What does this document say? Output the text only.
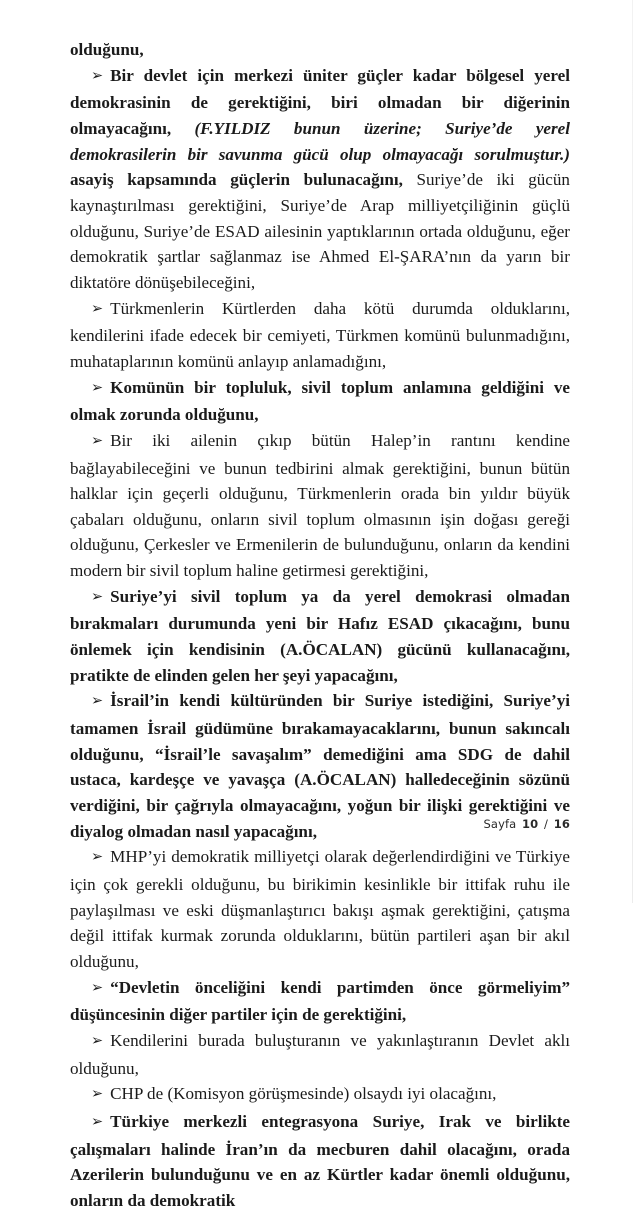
olduğunu,

➢ Bir devlet için merkezi üniter güçler kadar bölgesel yerel demokrasinin de gerektiğini, biri olmadan bir diğerinin olmayacağını, (F.YILDIZ bunun üzerine; Suriye’de yerel demokrasilerin bir savunma gücü olup olmayacağı sorulmuştur.) asayiş kapsamında güçlerin bulunacağını, Suriye’de iki gücün kaynaştırılması gerektiğini, Suriye’de Arap milliyetçiliğinin güçlü olduğunu, Suriye’de ESAD ailesinin yaptıklarının ortada olduğunu, eğer demokratik şartlar sağlanmaz ise Ahmed El-ŞARA’nın da yarın bir diktatöre dönüşebileceğini,

➢ Türkmenlerin Kürtlerden daha kötü durumda olduklarını, kendilerini ifade edecek bir cemiyeti, Türkmen komünü bulunmadığını, muhataplarının komünü anlayıp anlamadığını,

➢ Komünün bir topluluk, sivil toplum anlamına geldiğini ve olmak zorunda olduğunu,

➢ Bir iki ailenin çıkıp bütün Halep’in rantını kendine bağlayabileceğini ve bunun tedbirini almak gerektiğini, bunun bütün halklar için geçerli olduğunu, Türkmenlerin orada bin yıldır büyük çabaları olduğunu, onların sivil toplum olmasının işin doğası gereği olduğunu, Çerkesler ve Ermenilerin de bulunduğunu, onların da kendini modern bir sivil toplum haline getirmesi gerektiğini,

➢ Suriye’yi sivil toplum ya da yerel demokrasi olmadan bırakmaları durumunda yeni bir Hafız ESAD çıkacağını, bunu önlemek için kendisinin (A.ÖCALAN) gücünü kullanacağını, pratikte de elinden gelen her şeyi yapacağını,

➢ İsrail’in kendi kültüründen bir Suriye istediğini, Suriye’yi tamamen İsrail güdümüne bırakamayacaklarını, bunun sakıncalı olduğunu, “İsrail’le savaşalım” demediğini ama SDG de dahil ustaca, kardeşçe ve yavaşça (A.ÖCALAN) halledeceğinin sözünü verdiğini, bir çağrıyla olmayacağını, yoğun bir ilişki gerektiğini ve diyalog olmadan nasıl yapacağını,

➢ MHP’yi demokratik milliyetçi olarak değerlendirdiğini ve Türkiye için çok gerekli olduğunu, bu birikimin kesinlikle bir ittifak ruhu ile paylaşılması ve eski düşmanlaştırıcı bakışı aşmak gerektiğini, çatışma değil ittifak kurmak zorunda olduklarını, bütün partileri aşan bir akıl olduğunu,

➢ “Devletin önceliğini kendi partimden önce görmeliyim” düşüncesinin diğer partiler için de gerektiğini,

➢ Kendilerini burada buluşturanın ve yakınlaştıranın Devlet aklı olduğunu,

➢ CHP de (Komisyon görüşmesinde) olsaydı iyi olacağını,

➢ Türkiye merkezli entegrasyona Suriye, Irak ve birlikte çalışmaları halinde İran’ın da mecburen dahil olacağını, orada Azerilerin bulunduğunu ve en az Kürtler kadar önemli olduğunu, onların da demokratik

Sayfa 10 / 16
